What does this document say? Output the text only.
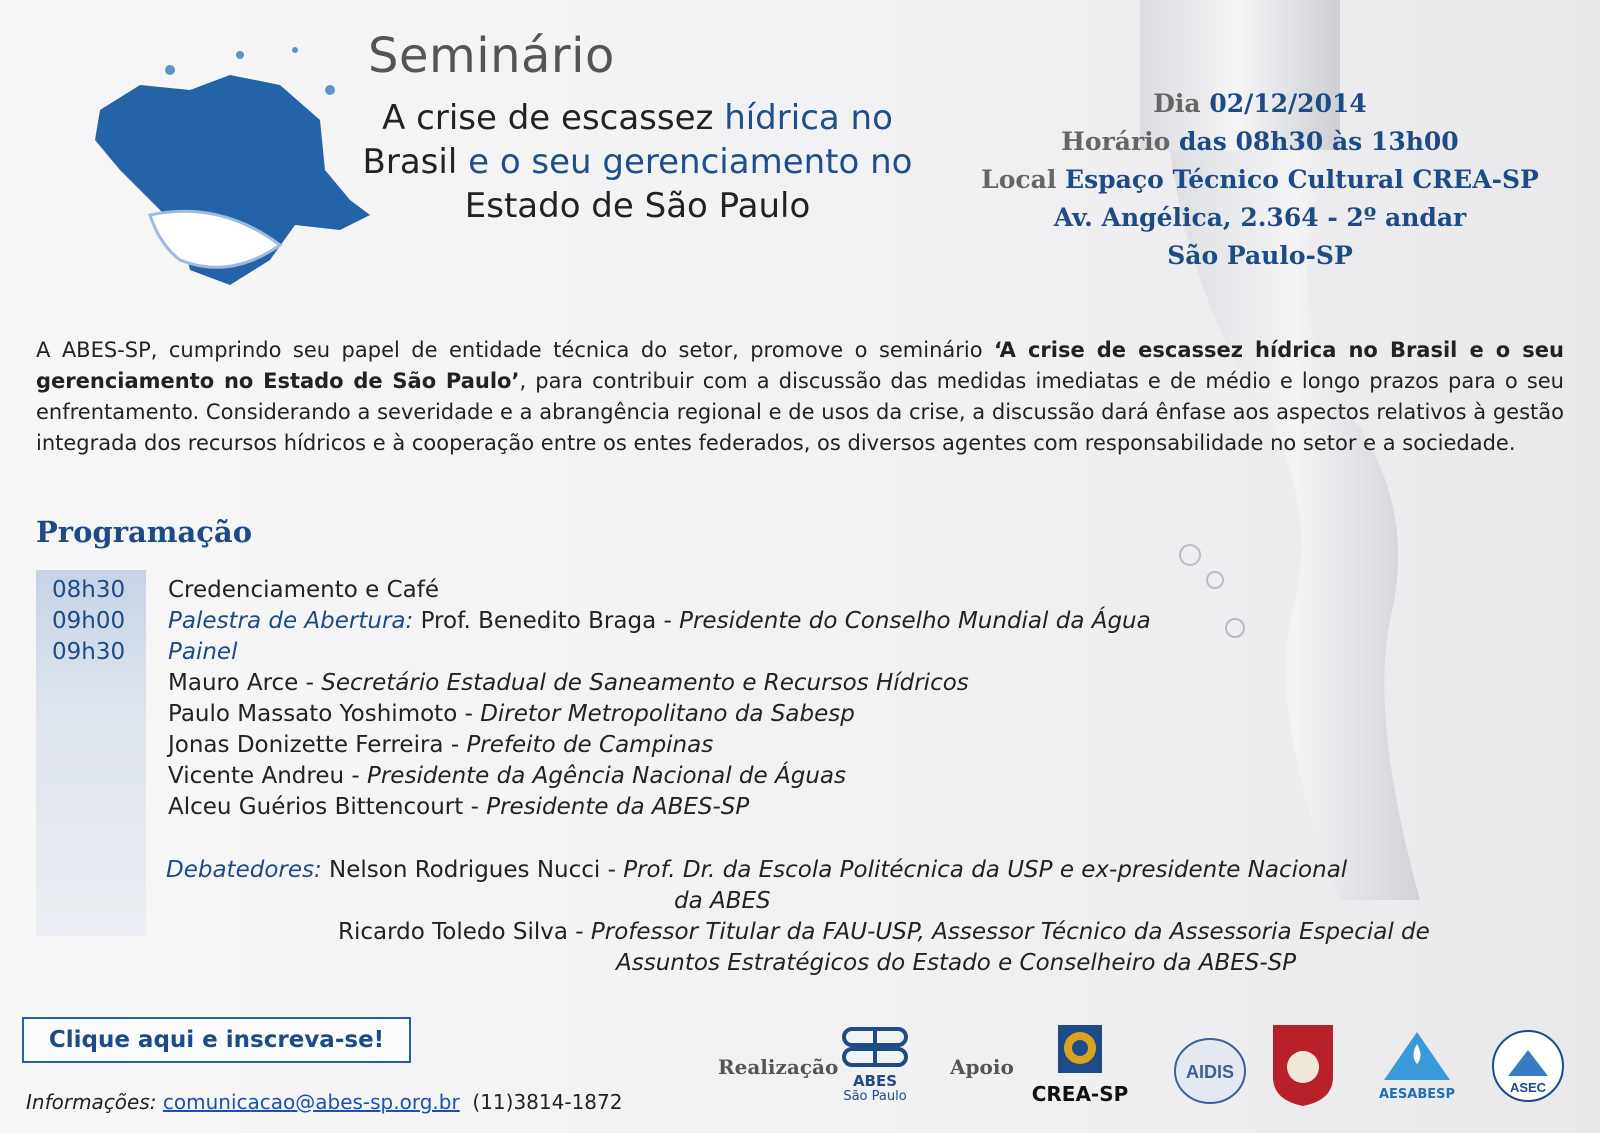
Seminário
A crise de escassez hídrica no
Brasil e o seu gerenciamento no
Estado de São Paulo
Dia 02/12/2014
Horário das 08h30 às 13h00
Local Espaço Técnico Cultural CREA-SP
Av. Angélica, 2.364 - 2º andar
São Paulo-SP
A ABES-SP, cumprindo seu papel de entidade técnica do setor, promove o seminário ‘A crise de escassez hídrica no Brasil e o seu gerenciamento no Estado de São Paulo’, para contribuir com a discussão das medidas imediatas e de médio e longo prazos para o seu enfrentamento. Considerando a severidade e a abrangência regional e de usos da crise, a discussão dará ênfase aos aspectos relativos à gestão integrada dos recursos hídricos e à cooperação entre os entes federados, os diversos agentes com responsabilidade no setor e a sociedade.
Programação
08h30
09h00
09h30
Credenciamento e Café
Palestra de Abertura: Prof. Benedito Braga - Presidente do Conselho Mundial da Água
Painel
Mauro Arce - Secretário Estadual de Saneamento e Recursos Hídricos
Paulo Massato Yoshimoto - Diretor Metropolitano da Sabesp
Jonas Donizette Ferreira - Prefeito de Campinas
Vicente Andreu - Presidente da Agência Nacional de Águas
Alceu Guérios Bittencourt - Presidente da ABES-SP
Debatedores: Nelson Rodrigues Nucci - Prof. Dr. da Escola Politécnica da USP e ex-presidente Nacional
da ABES
Ricardo Toledo Silva - Professor Titular da FAU-USP, Assessor Técnico da Assessoria Especial de
Assuntos Estratégicos do Estado e Conselheiro da ABES-SP
Clique aqui e inscreva-se!
Informações: comunicacao@abes-sp.org.br (11)3814-1872
Realização
ABES
São Paulo
Apoio
CREA-SP
AIDIS
AESABESP	ASEC
